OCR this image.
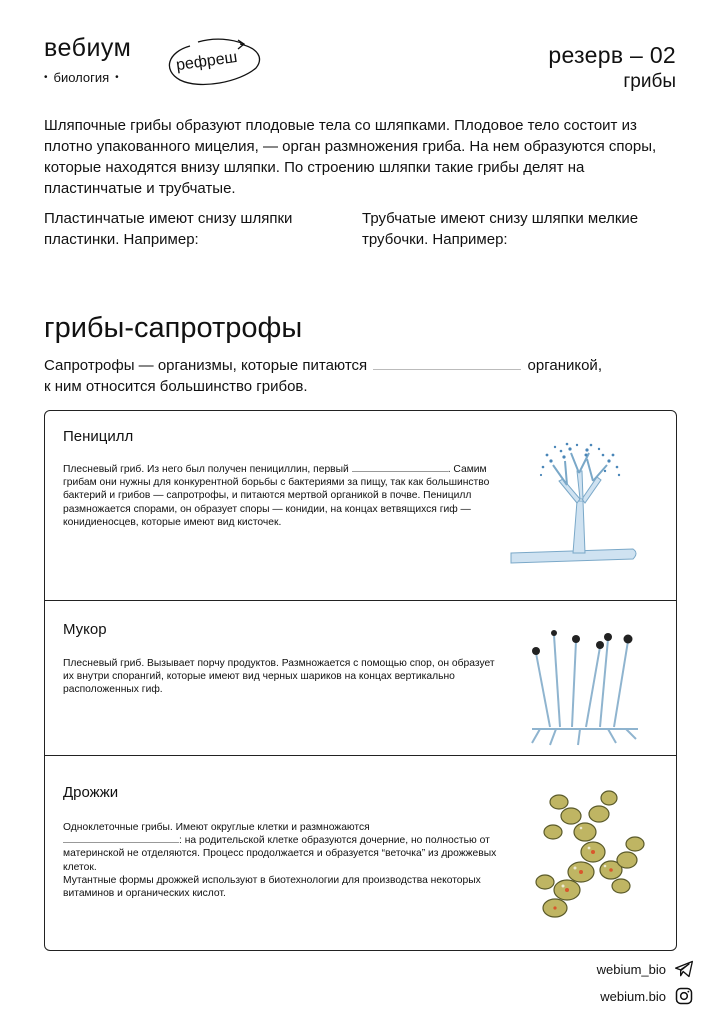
вебиум
• биология •
рефреш	резерв – 02
грибы

Шляпочные грибы образуют плодовые тела со шляпками. Плодовое тело состоит из плотно упакованного мицелия, — орган размножения гриба. На нем образуются споры, которые находятся внизу шляпки. По строению шляпки такие грибы делят на пластинчатые и трубчатые.

Пластинчатые имеют снизу шляпки пластинки. Например:

Трубчатые имеют снизу шляпки мелкие трубочки. Например:

грибы-сапротрофы
Сапротрофы — организмы, которые питаются	органикой,
к ним относится большинство грибов.
Пеницилл
Плесневый гриб. Из него был получен пенициллин, первый	. Самим грибам они нужны для конкурентной борьбы с бактериями за пищу, так как большинство бактерий и грибов — сапротрофы, и питаются мертвой органикой в почве. Пеницилл размножается спорами, он образует споры — конидии, на концах ветвящихся гиф — конидиеносцев, которые имеют вид кисточек.
Мукор
Плесневый гриб. Вызывает порчу продуктов. Размножается с помощью спор, он образует их внутри спорангий, которые имеют вид черных шариков на концах вертикально расположенных гиф.
Дрожжи
Одноклеточные грибы. Имеют округлые клетки и размножаются
: на родительской клетке образуются дочерние, но полностью от материнской не отделяются. Процесс продолжается и образуется “веточка” из дрожжевых клеток.
Мутантные формы дрожжей используют в биотехнологии для производства некоторых витаминов и органических кислот.
webium_bio
webium.bio
